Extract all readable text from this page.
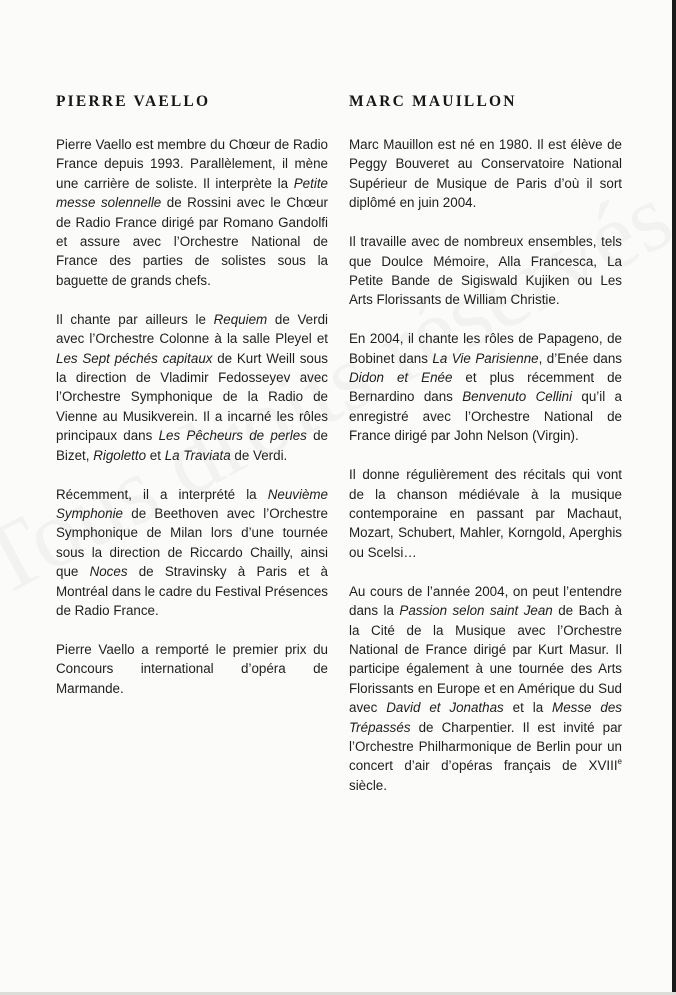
PIERRE VAELLO

Pierre Vaello est membre du Chœur de Radio France depuis 1993. Parallèlement, il mène une carrière de soliste. Il interprète la Petite messe solennelle de Rossini avec le Chœur de Radio France dirigé par Romano Gandolfi et assure avec l’Orchestre National de France des parties de solistes sous la baguette de grands chefs.

Il chante par ailleurs le Requiem de Verdi avec l’Orchestre Colonne à la salle Pleyel et Les Sept péchés capitaux de Kurt Weill sous la direction de Vladimir Fedosseyev avec l’Orchestre Symphonique de la Radio de Vienne au Musikverein. Il a incarné les rôles principaux dans Les Pêcheurs de perles de Bizet, Rigoletto et La Traviata de Verdi.

Récemment, il a interprété la Neuvième Symphonie de Beethoven avec l’Orchestre Symphonique de Milan lors d’une tournée sous la direction de Riccardo Chailly, ainsi que Noces de Stravinsky à Paris et à Montréal dans le cadre du Festival Présences de Radio France.

Pierre Vaello a remporté le premier prix du Concours international d’opéra de Marmande.

MARC MAUILLON

Marc Mauillon est né en 1980. Il est élève de Peggy Bouveret au Conservatoire National Supérieur de Musique de Paris d’où il sort diplômé en juin 2004.

Il travaille avec de nombreux ensembles, tels que Doulce Mémoire, Alla Francesca, La Petite Bande de Sigiswald Kujiken ou Les Arts Florissants de William Christie.

En 2004, il chante les rôles de Papageno, de Bobinet dans La Vie Parisienne, d’Enée dans Didon et Enée et plus récemment de Bernardino dans Benvenuto Cellini qu’il a enregistré avec l’Orchestre National de France dirigé par John Nelson (Virgin).

Il donne régulièrement des récitals qui vont de la chanson médiévale à la musique contemporaine en passant par Machaut, Mozart, Schubert, Mahler, Korngold, Aperghis ou Scelsi…

Au cours de l’année 2004, on peut l’entendre dans la Passion selon saint Jean de Bach à la Cité de la Musique avec l’Orchestre National de France dirigé par Kurt Masur. Il participe également à une tournée des Arts Florissants en Europe et en Amérique du Sud avec David et Jonathas et la Messe des Trépassés de Charpentier. Il est invité par l’Orchestre Philharmonique de Berlin pour un concert d’air d’opéras français de XVIIIe siècle.
